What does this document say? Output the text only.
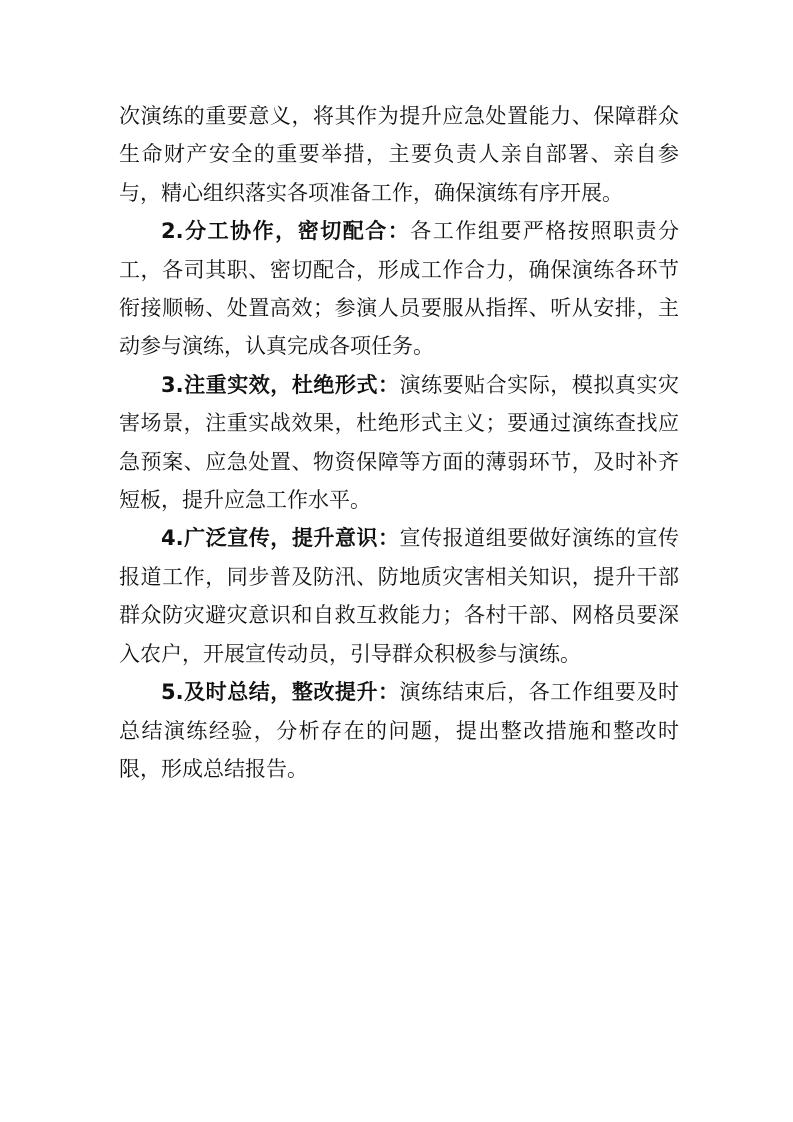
次演练的重要意义，将其作为提升应急处置能力、保障群众生命财产安全的重要举措，主要负责人亲自部署、亲自参与，精心组织落实各项准备工作，确保演练有序开展。

2.分工协作，密切配合：各工作组要严格按照职责分工，各司其职、密切配合，形成工作合力，确保演练各环节衔接顺畅、处置高效；参演人员要服从指挥、听从安排，主动参与演练，认真完成各项任务。

3.注重实效，杜绝形式：演练要贴合实际，模拟真实灾害场景，注重实战效果，杜绝形式主义；要通过演练查找应急预案、应急处置、物资保障等方面的薄弱环节，及时补齐短板，提升应急工作水平。

4.广泛宣传，提升意识：宣传报道组要做好演练的宣传报道工作，同步普及防汛、防地质灾害相关知识，提升干部群众防灾避灾意识和自救互救能力；各村干部、网格员要深入农户，开展宣传动员，引导群众积极参与演练。

5.及时总结，整改提升：演练结束后，各工作组要及时总结演练经验，分析存在的问题，提出整改措施和整改时限，形成总结报告。
